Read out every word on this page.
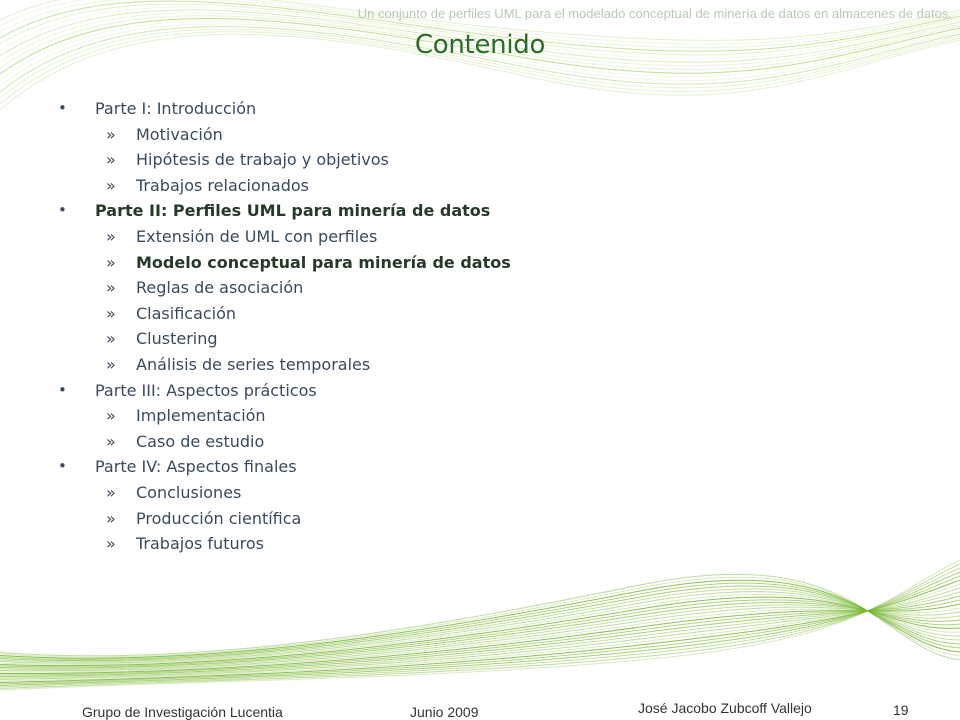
Un conjunto de perfiles UML para el modelado conceptual de minería de datos en almacenes de datos.
Contenido
• Parte I: Introducción
» Motivación
» Hipótesis de trabajo y objetivos
» Trabajos relacionados
• Parte II: Perfiles UML para minería de datos
» Extensión de UML con perfiles
» Modelo conceptual para minería de datos
» Reglas de asociación
» Clasificación
» Clustering
» Análisis de series temporales
• Parte III: Aspectos prácticos
» Implementación
» Caso de estudio
• Parte IV: Aspectos finales
» Conclusiones
» Producción científica
» Trabajos futuros
Grupo de Investigación Lucentia	Junio 2009	José Jacobo Zubcoff Vallejo	19
